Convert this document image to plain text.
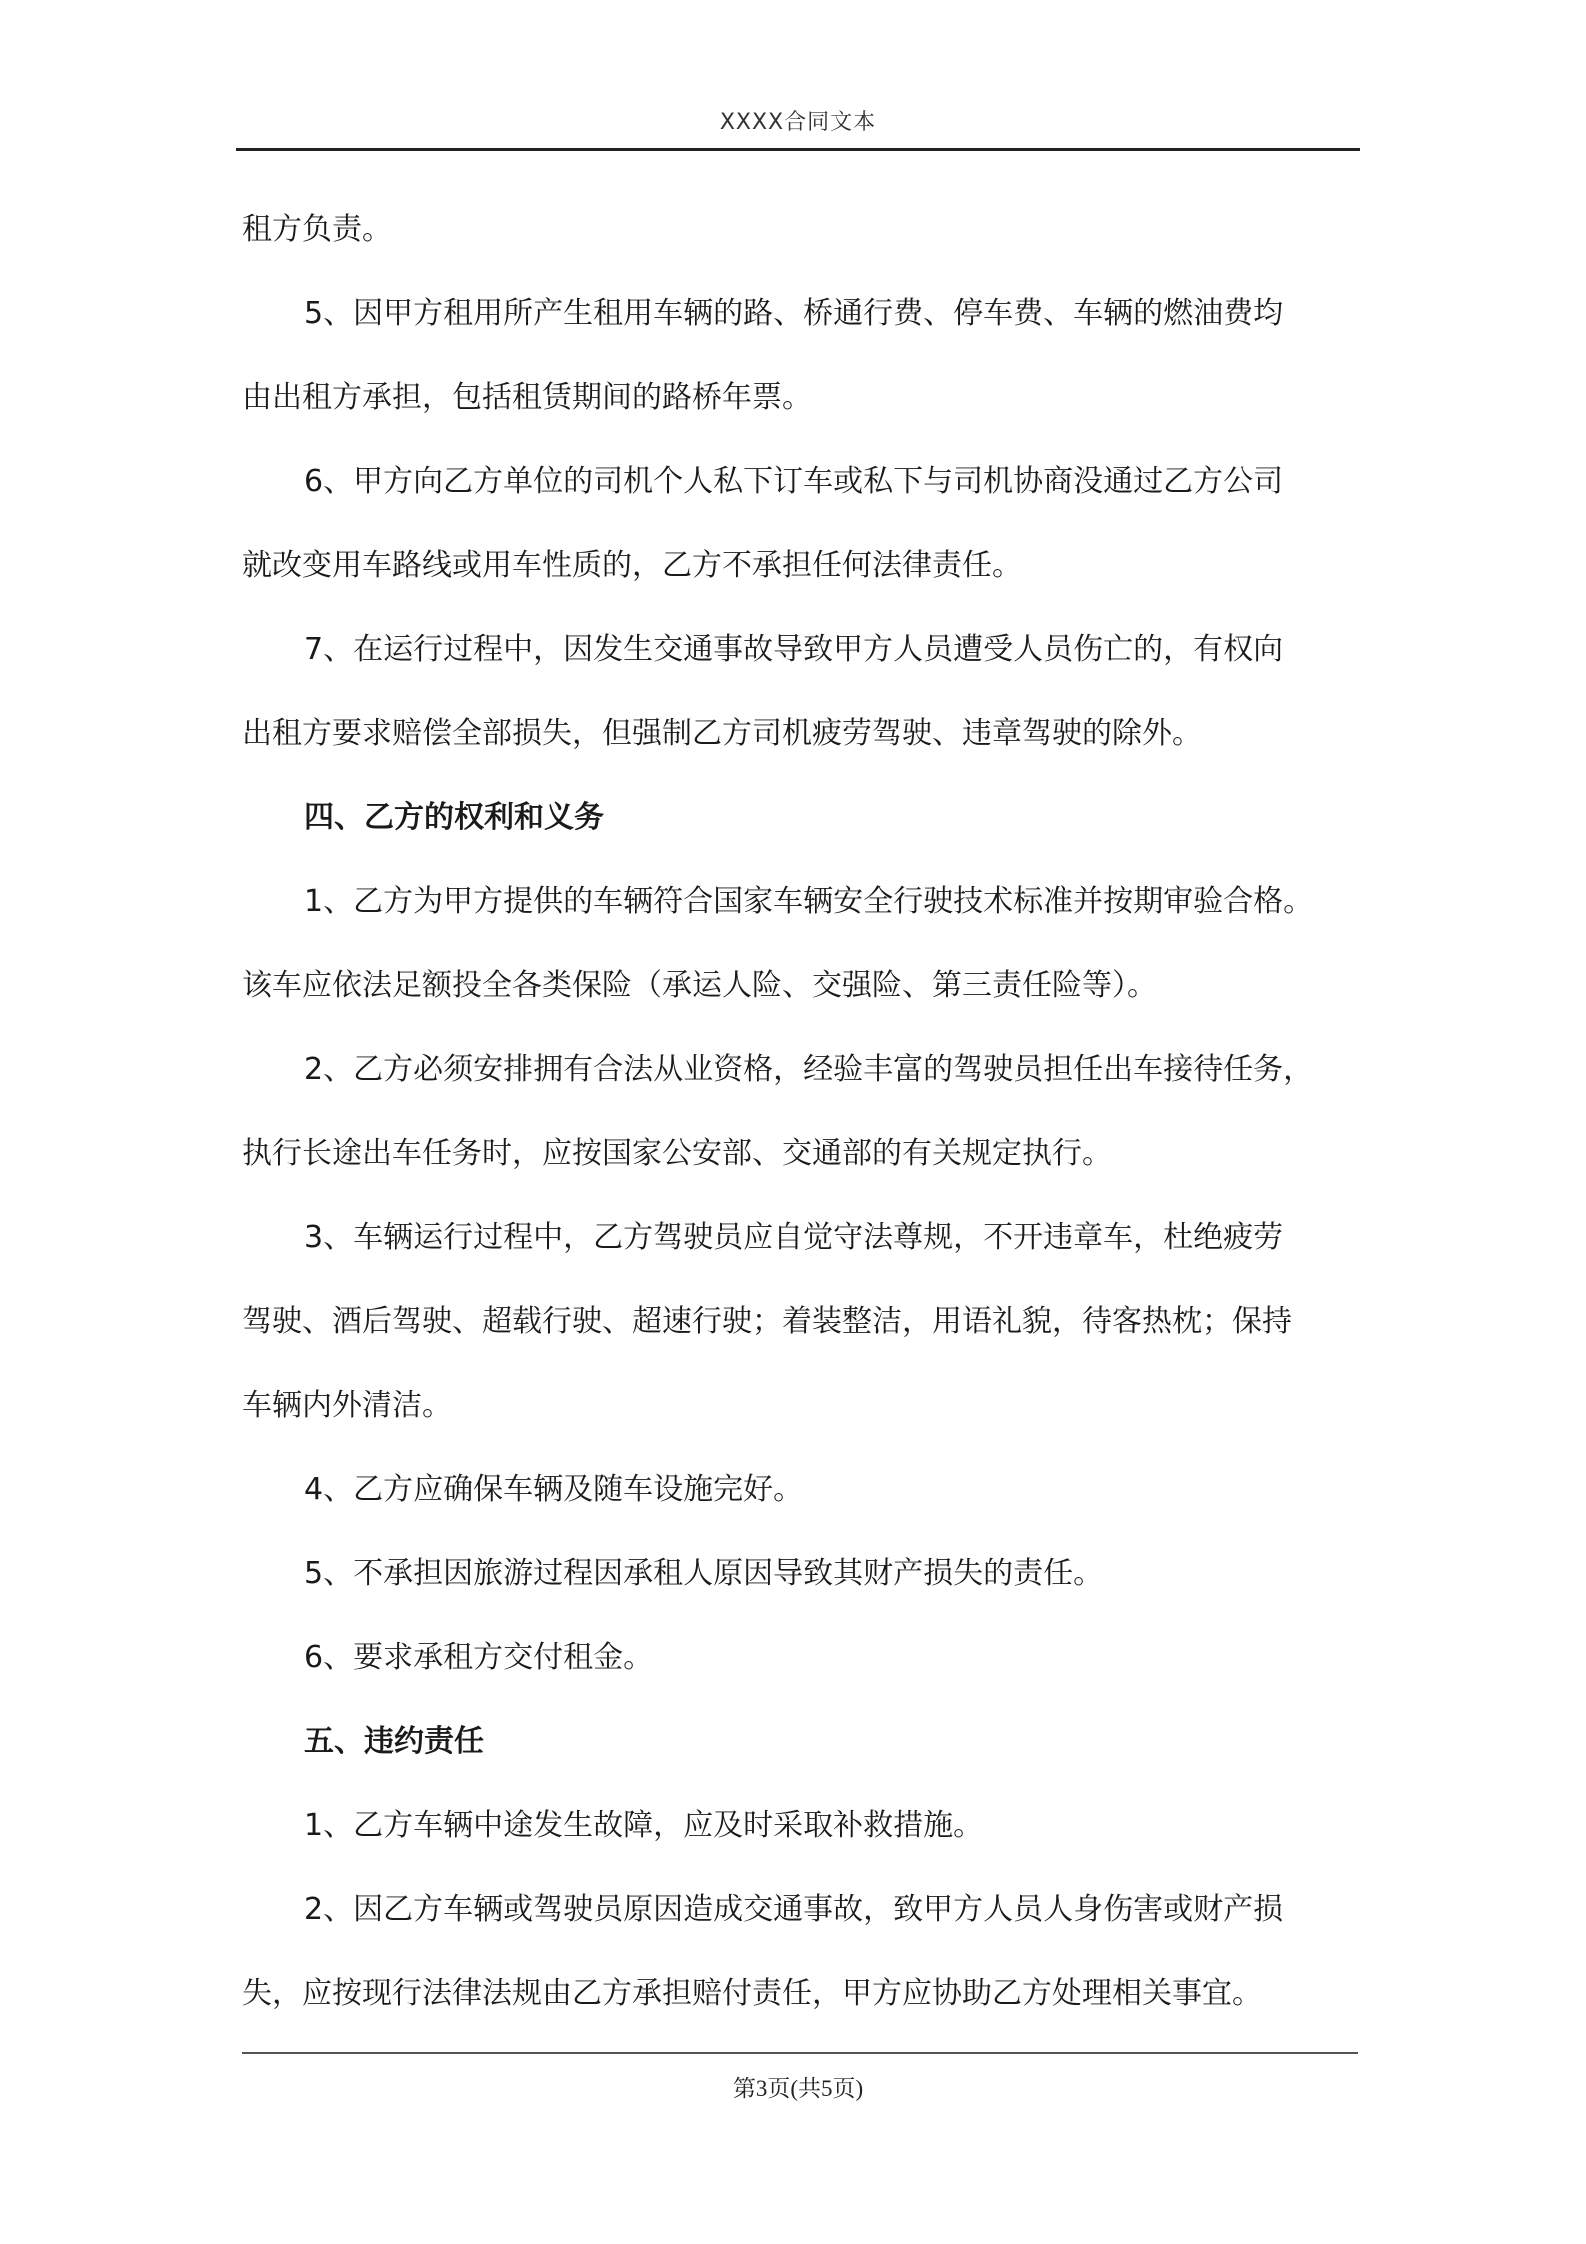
XXXX合同文本
租方负责。
5、因甲方租用所产生租用车辆的路、桥通行费、停车费、车辆的燃油费均
由出租方承担，包括租赁期间的路桥年票。
6、甲方向乙方单位的司机个人私下订车或私下与司机协商没通过乙方公司
就改变用车路线或用车性质的，乙方不承担任何法律责任。
7、在运行过程中，因发生交通事故导致甲方人员遭受人员伤亡的，有权向
出租方要求赔偿全部损失，但强制乙方司机疲劳驾驶、违章驾驶的除外。
四、乙方的权利和义务
1、乙方为甲方提供的车辆符合国家车辆安全行驶技术标准并按期审验合格。
该车应依法足额投全各类保险（承运人险、交强险、第三责任险等）。
2、乙方必须安排拥有合法从业资格，经验丰富的驾驶员担任出车接待任务，
执行长途出车任务时，应按国家公安部、交通部的有关规定执行。
3、车辆运行过程中，乙方驾驶员应自觉守法尊规，不开违章车，杜绝疲劳
驾驶、酒后驾驶、超载行驶、超速行驶；着装整洁，用语礼貌，待客热枕；保持
车辆内外清洁。
4、乙方应确保车辆及随车设施完好。
5、不承担因旅游过程因承租人原因导致其财产损失的责任。
6、要求承租方交付租金。
五、违约责任
1、乙方车辆中途发生故障，应及时采取补救措施。
2、因乙方车辆或驾驶员原因造成交通事故，致甲方人员人身伤害或财产损
失，应按现行法律法规由乙方承担赔付责任，甲方应协助乙方处理相关事宜。
第3页(共5页)
